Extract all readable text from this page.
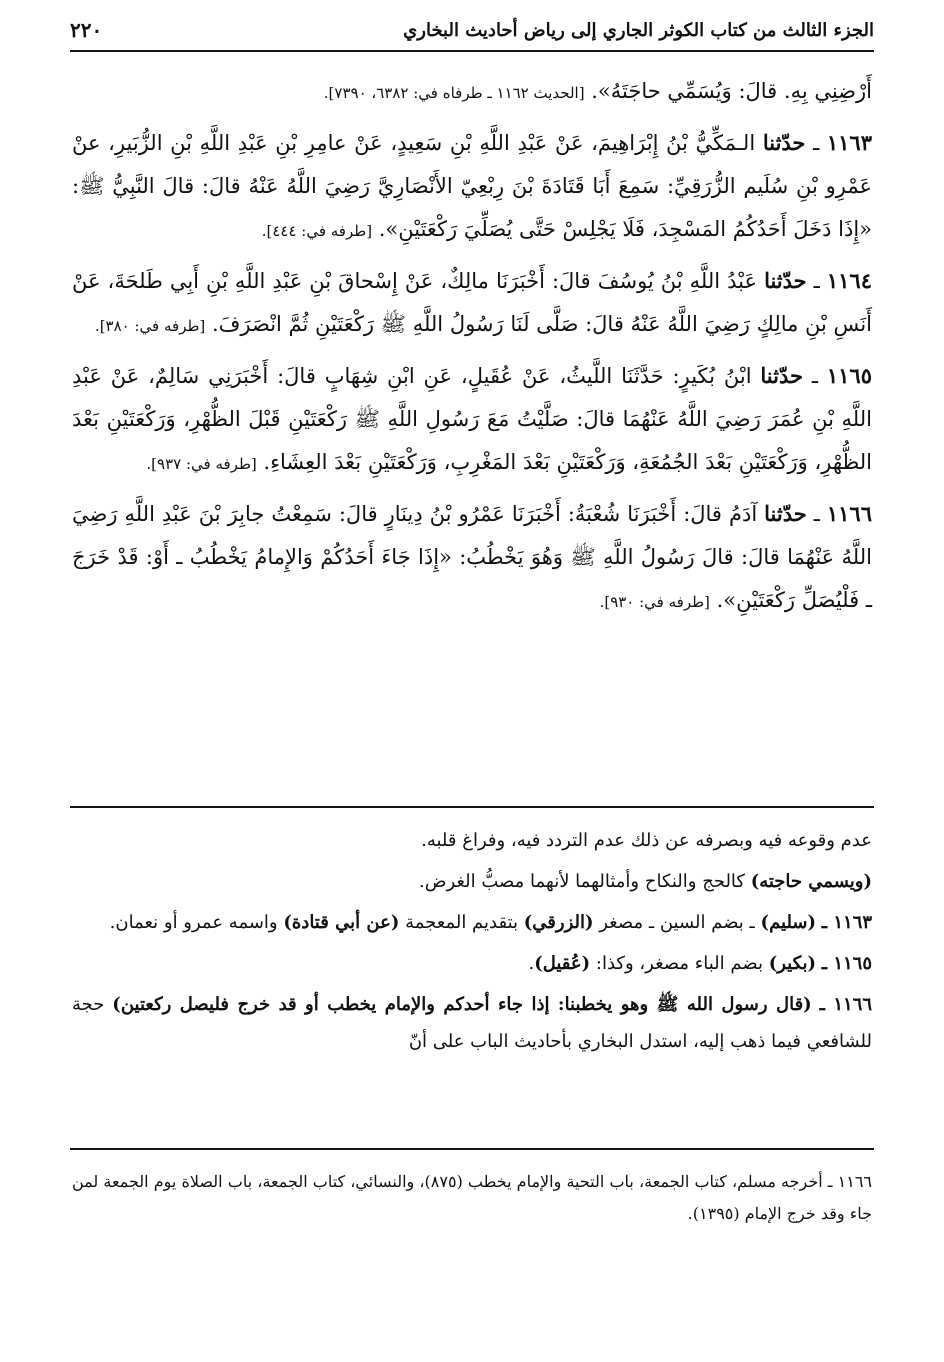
الجزء الثالث من كتاب الكوثر الجاري إلى رياض أحاديث البخاري
٢٢٠

أَرْضِنِي بِهِ. قالَ: وَيُسَمِّي حاجَتَهُ». [الحديث ١١٦٢ ـ طرفاه في: ٦٣٨٢، ٧٣٩٠].

١١٦٣ ـ حدّثنا الـمَكِّيُّ بْنُ إِبْرَاهِيمَ، عَنْ عَبْدِ اللَّهِ بْنِ سَعِيدٍ، عَنْ عامِرِ بْنِ عَبْدِ اللَّهِ بْنِ الزُّبَيرِ، عنْ عَمْرِو بْنِ سُلَيم الزُّرَقِيِّ: سَمِعَ أَبَا قَتَادَةَ بْنَ رِبْعِيّ الأَنْصَارِيَّ رَضِيَ اللَّهُ عَنْهُ قالَ: قالَ النَّبِيُّ ﷺ: «إِذَا دَخَلَ أَحَدُكُمُ المَسْجِدَ، فَلَا يَجْلِسْ حَتَّى يُصَلِّيَ رَكْعَتَيْنِ». [طرفه في: ٤٤٤].

١١٦٤ ـ حدّثنا عَبْدُ اللَّهِ بْنُ يُوسُفَ قالَ: أَخْبَرَنَا مالِكٌ، عَنْ إِسْحاقَ بْنِ عَبْدِ اللَّهِ بْنِ أَبِي طَلحَةَ، عَنْ أَنَسِ بْنِ مالِكٍ رَضِيَ اللَّهُ عَنْهُ قالَ: صَلَّى لَنَا رَسُولُ اللَّهِ ﷺ رَكْعَتَيْنِ ثُمَّ انْصَرَفَ. [طرفه في: ٣٨٠].

١١٦٥ ـ حدّثنا ابْنُ بُكَيرٍ: حَدَّثَنَا اللَّيثُ، عَنْ عُقَيلٍ، عَنِ ابْنِ شِهَابٍ قالَ: أَخْبَرَنِي سَالِمٌ، عَنْ عَبْدِ اللَّهِ بْنِ عُمَرَ رَضِيَ اللَّهُ عَنْهُمَا قالَ: صَلَّيْتُ مَعَ رَسُولِ اللَّهِ ﷺ رَكْعَتَيْنِ قَبْلَ الظُّهْرِ، وَرَكْعَتَيْنِ بَعْدَ الظُّهْرِ، وَرَكْعَتَيْنِ بَعْدَ الجُمُعَةِ، وَرَكْعَتَيْنِ بَعْدَ المَغْرِبِ، وَرَكْعَتَيْنِ بَعْدَ العِشَاءِ. [طرفه في: ٩٣٧].

١١٦٦ ـ حدّثنا آدَمُ قالَ: أَخْبَرَنَا شُعْبَةُ: أَخْبَرَنَا عَمْرُو بْنُ دِينَارٍ قالَ: سَمِعْتُ جابِرَ بْنَ عَبْدِ اللَّهِ رَضِيَ اللَّهُ عَنْهُمَا قالَ: قالَ رَسُولُ اللَّهِ ﷺ وَهُوَ يَخْطُبُ: «إِذَا جَاءَ أَحَدُكُمْ وَالإِمامُ يَخْطُبُ ـ أَوْ: قَدْ خَرَجَ ـ فَلْيُصَلِّ رَكْعَتَيْنِ». [طرفه في: ٩٣٠].

عدم وقوعه فيه وبصرفه عن ذلك عدم التردد فيه، وفراغ قلبه.

(ويسمي حاجته) كالحج والنكاح وأمثالهما لأنهما مصبُّ الغرض.

١١٦٣ ـ (سليم) ـ بضم السين ـ مصغر (الزرقي) بتقديم المعجمة (عن أبي قتادة) واسمه عمرو أو نعمان.

١١٦٥ ـ (بكير) بضم الباء مصغر، وكذا: (عُقيل).

١١٦٦ ـ (قال رسول الله ﷺ وهو يخطبنا: إذا جاء أحدكم والإمام يخطب أو قد خرج فليصل ركعتين) حجة للشافعي فيما ذهب إليه، استدل البخاري بأحاديث الباب على أنّ

١١٦٦ ـ أخرجه مسلم، كتاب الجمعة، باب التحية والإمام يخطب (٨٧٥)، والنسائي، كتاب الجمعة، باب الصلاة يوم الجمعة لمن جاء وقد خرج الإمام (١٣٩٥).
